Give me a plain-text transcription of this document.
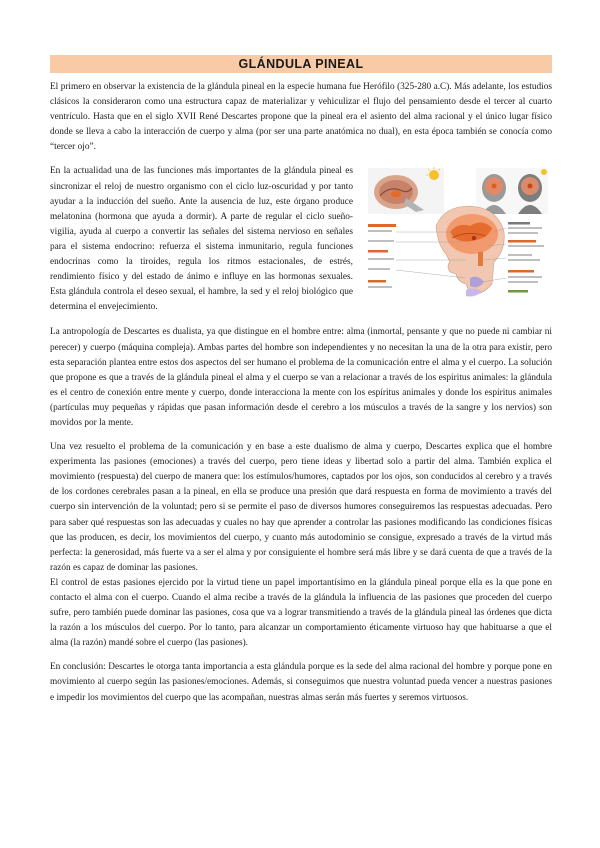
GLÁNDULA PINEAL

El primero en observar la existencia de la glándula pineal en la especie humana fue Herófilo (325-280 a.C). Más adelante, los estudios clásicos la consideraron como una estructura capaz de materializar y vehiculizar el flujo del pensamiento desde el tercer al cuarto ventrículo. Hasta que en el siglo XVII René Descartes propone que la pineal era el asiento del alma racional y el único lugar físico donde se lleva a cabo la interacción de cuerpo y alma (por ser una parte anatómica no dual), en esta época también se conocía como “tercer ojo”.

En la actualidad una de las funciones más importantes de la glándula pineal es sincronizar el reloj de nuestro organismo con el ciclo luz-oscuridad y por tanto ayudar a la inducción del sueño. Ante la ausencia de luz, este órgano produce melatonina (hormona que ayuda a dormir). A parte de regular el ciclo sueño-vigilia, ayuda al cuerpo a convertir las señales del sistema nervioso en señales para el sistema endocrino: refuerza el sistema inmunitario, regula funciones endocrinas como la tiroides, regula los ritmos estacionales, de estrés, rendimiento físico y del estado de ánimo e influye en las hormonas sexuales. Esta glándula controla el deseo sexual, el hambre, la sed y el reloj biológico que determina el envejecimiento.

La antropología de Descartes es dualista, ya que distingue en el hombre entre: alma (inmortal, pensante y que no puede ni cambiar ni perecer) y cuerpo (máquina compleja). Ambas partes del hombre son independientes y no necesitan la una de la otra para existir, pero esta separación plantea entre estos dos aspectos del ser humano el problema de la comunicación entre el alma y el cuerpo. La solución que propone es que a través de la glándula pineal el alma y el cuerpo se van a relacionar a través de los espíritus animales: la glándula es el centro de conexión entre mente y cuerpo, donde interacciona la mente con los espíritus animales y donde los espíritus animales (partículas muy pequeñas y rápidas que pasan información desde el cerebro a los músculos a través de la sangre y los nervios) son movidos por la mente.

Una vez resuelto el problema de la comunicación y en base a este dualismo de alma y cuerpo, Descartes explica que el hombre experimenta las pasiones (emociones) a través del cuerpo, pero tiene ideas y libertad solo a partir del alma. También explica el movimiento (respuesta) del cuerpo de manera que: los estímulos/humores, captados por los ojos, son conducidos al cerebro y a través de los cordones cerebrales pasan a la pineal, en ella se produce una presión que dará respuesta en forma de movimiento a través del cuerpo sin intervención de la voluntad; pero si se permite el paso de diversos humores conseguiremos las respuestas adecuadas. Pero para saber qué respuestas son las adecuadas y cuales no hay que aprender a controlar las pasiones modificando las condiciones físicas que las producen, es decir, los movimientos del cuerpo, y cuanto más autodominio se consigue, expresado a través de la virtud más perfecta: la generosidad, más fuerte va a ser el alma y por consiguiente el hombre será más libre y se dará cuenta de que a través de la razón es capaz de dominar las pasiones.

El control de estas pasiones ejercido por la virtud tiene un papel importantísimo en la glándula pineal porque ella es la que pone en contacto el alma con el cuerpo. Cuando el alma recibe a través de la glándula la influencia de las pasiones que proceden del cuerpo sufre, pero también puede dominar las pasiones, cosa que va a lograr transmitiendo a través de la glándula pineal las órdenes que dicta la razón a los músculos del cuerpo. Por lo tanto, para alcanzar un comportamiento éticamente virtuoso hay que habituarse a que el alma (la razón) mandé sobre el cuerpo (las pasiones).

En conclusión: Descartes le otorga tanta importancia a esta glándula porque es la sede del alma racional del hombre y porque pone en movimiento al cuerpo según las pasiones/emociones. Además, si conseguimos que nuestra voluntad pueda vencer a nuestras pasiones e impedir los movimientos del cuerpo que las acompañan, nuestras almas serán más fuertes y seremos virtuosos.
